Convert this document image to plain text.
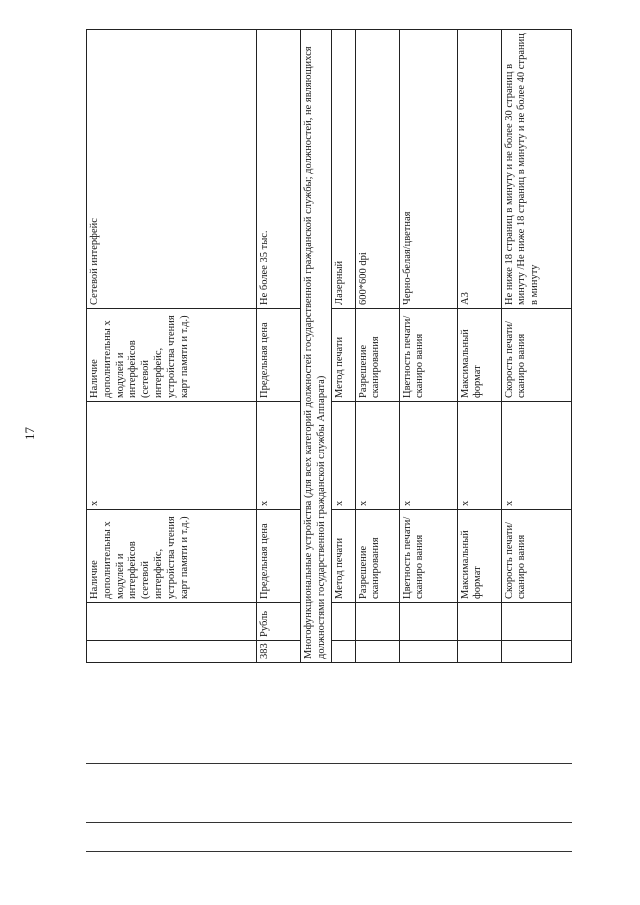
17
		Наличие дополнительны х модулей и интерфейсов (сетевой интерфейс, устройства чтения карт памяти и т.д.)	х	Наличие дополнительны х модулей и интерфейсов (сетевой интерфейс, устройства чтения карт памяти и т.д.)	Сетевой интерфейс
383	Рубль	Предельная цена	х	Предельная цена	Не более 35 тыс.
Многофункциональные устройства (для всех категорий должностей государственной гражданской службы; должностей, не являющихся должностями государственной гражданской службы Аппарата)					
		Метод печати	х	Метод печати	Лазерный
		Разрешение сканирования	х	Разрешение сканирования	600*600 dpi
		Цветность печати/сканиро вания	х	Цветность печати/сканиро вания	Черно-белая/цветная
		Максимальный формат	х	Максимальный формат	А3
		Скорость печати/сканиро вания	х	Скорость печати/сканиро вания	Не ниже 18 страниц в минуту и не более 30 страниц в минуту /Не ниже 18 страниц в минуту и не более 40 страниц в минуту
